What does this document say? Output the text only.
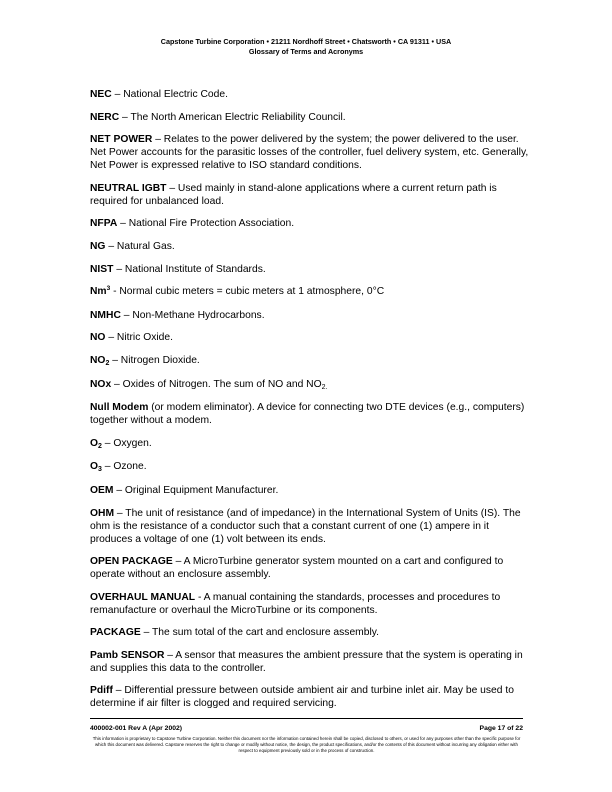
Capstone Turbine Corporation • 21211 Nordhoff Street • Chatsworth • CA 91311 • USA
Glossary of Terms and Acronyms

NEC – National Electric Code.

NERC – The North American Electric Reliability Council.

NET POWER – Relates to the power delivered by the system; the power delivered to the user. Net Power accounts for the parasitic losses of the controller, fuel delivery system, etc. Generally, Net Power is expressed relative to ISO standard conditions.

NEUTRAL IGBT – Used mainly in stand-alone applications where a current return path is required for unbalanced load.

NFPA – National Fire Protection Association.

NG – Natural Gas.

NIST – National Institute of Standards.

Nm$^3$ - Normal cubic meters = cubic meters at 1 atmosphere, 0°C

NMHC – Non-Methane Hydrocarbons.

NO – Nitric Oxide.

$NO_2$ – Nitrogen Dioxide.

NOx – Oxides of Nitrogen. The sum of NO and $NO_{2.}$

Null Modem (or modem eliminator). A device for connecting two DTE devices (e.g., computers) together without a modem.

$O_2$ – Oxygen.

$O_3$ – Ozone.

OEM – Original Equipment Manufacturer.

OHM – The unit of resistance (and of impedance) in the International System of Units (IS). The ohm is the resistance of a conductor such that a constant current of one (1) ampere in it produces a voltage of one (1) volt between its ends.

OPEN PACKAGE – A MicroTurbine generator system mounted on a cart and configured to operate without an enclosure assembly.

OVERHAUL MANUAL - A manual containing the standards, processes and procedures to remanufacture or overhaul the MicroTurbine or its components.

PACKAGE – The sum total of the cart and enclosure assembly.

Pamb SENSOR – A sensor that measures the ambient pressure that the system is operating in and supplies this data to the controller.

Pdiff – Differential pressure between outside ambient air and turbine inlet air. May be used to determine if air filter is clogged and required servicing.

400002-001 Rev A (Apr 2002)	Page 17 of 22
This information is proprietary to Capstone Turbine Corporation. Neither this document nor the information contained herein shall be copied, disclosed to others, or used for any purposes other than the specific purpose for which this document was delivered. Capstone reserves the right to change or modify without notice, the design, the product specifications, and/or the contents of this document without incurring any obligation either with respect to equipment previously sold or in the process of construction.
